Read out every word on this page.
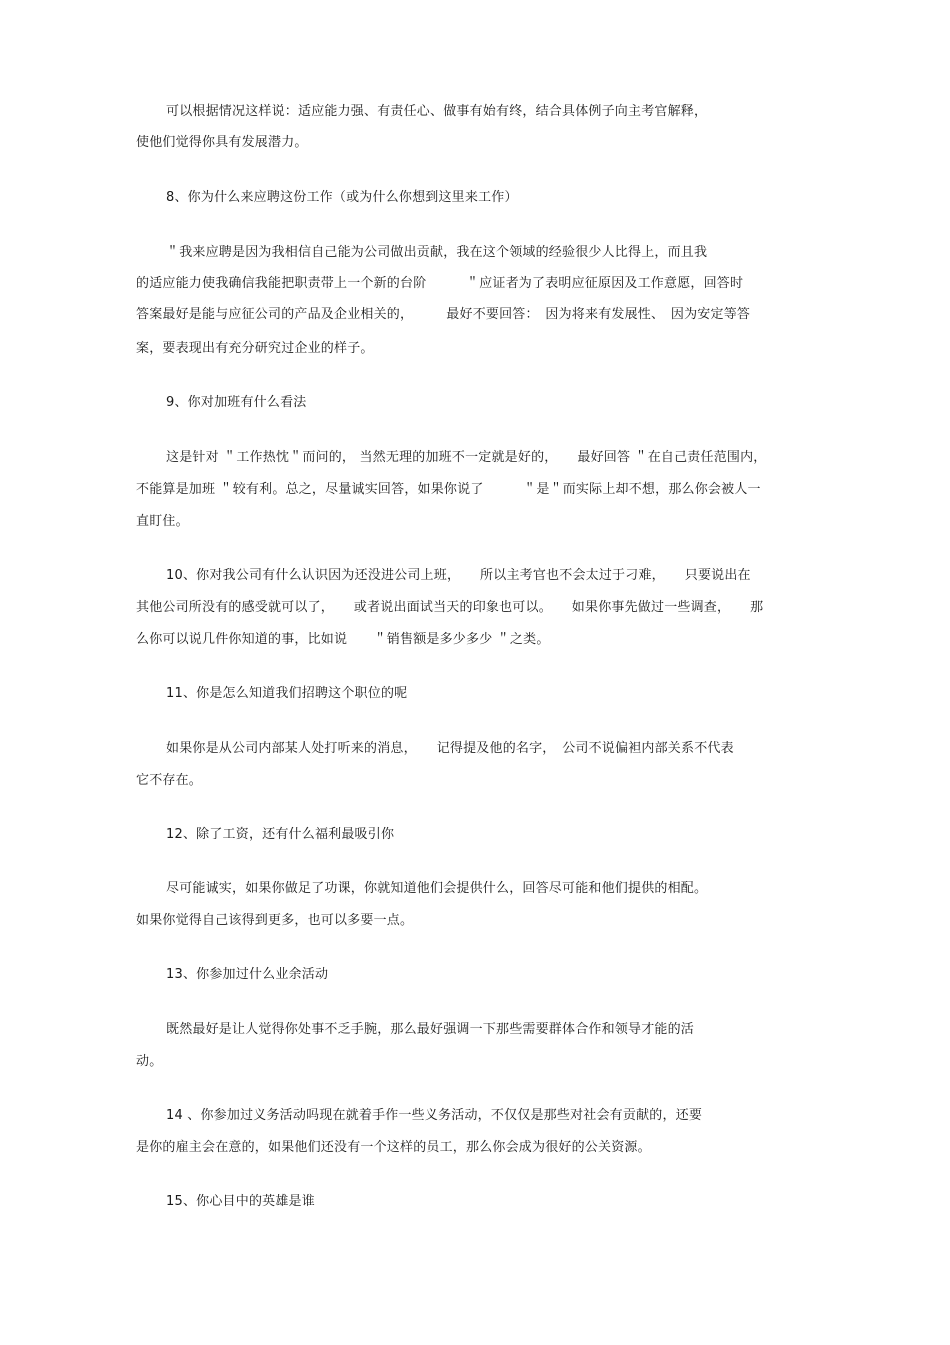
可以根据情况这样说：适应能力强、有责任心、做事有始有终，结合具体例子向主考官解释，
使他们觉得你具有发展潜力。
8、你为什么来应聘这份工作（或为什么你想到这里来工作）
＂我来应聘是因为我相信自己能为公司做出贡献，我在这个领域的经验很少人比得上，而且我
的适应能力使我确信我能把职责带上一个新的台阶　　　＂应证者为了表明应征原因及工作意愿，回答时
答案最好是能与应征公司的产品及企业相关的，　　　最好不要回答：　因为将来有发展性、　因为安定等答
案，要表现出有充分研究过企业的样子。
9、你对加班有什么看法
这是针对 ＂工作热忱＂而问的， 当然无理的加班不一定就是好的，　　最好回答 ＂在自己责任范围内，
不能算是加班 ＂较有利。总之，尽量诚实回答，如果你说了　　　＂是＂而实际上却不想，那么你会被人一
直盯住。
10、你对我公司有什么认识因为还没进公司上班，　　所以主考官也不会太过于刁难，　　只要说出在
其他公司所没有的感受就可以了，　　或者说出面试当天的印象也可以。　　如果你事先做过一些调查，　　那
么你可以说几件你知道的事，比如说　　＂销售额是多少多少 ＂之类。
11、你是怎么知道我们招聘这个职位的呢
如果你是从公司内部某人处打听来的消息，　　记得提及他的名字，　公司不说偏袒内部关系不代表
它不存在。
12、除了工资，还有什么福利最吸引你
尽可能诚实，如果你做足了功课，你就知道他们会提供什么，回答尽可能和他们提供的相配。
如果你觉得自己该得到更多，也可以多要一点。
13、你参加过什么业余活动
既然最好是让人觉得你处事不乏手腕，那么最好强调一下那些需要群体合作和领导才能的活
动。
14 、你参加过义务活动吗现在就着手作一些义务活动，不仅仅是那些对社会有贡献的，还要
是你的雇主会在意的，如果他们还没有一个这样的员工，那么你会成为很好的公关资源。
15、你心目中的英雄是谁
